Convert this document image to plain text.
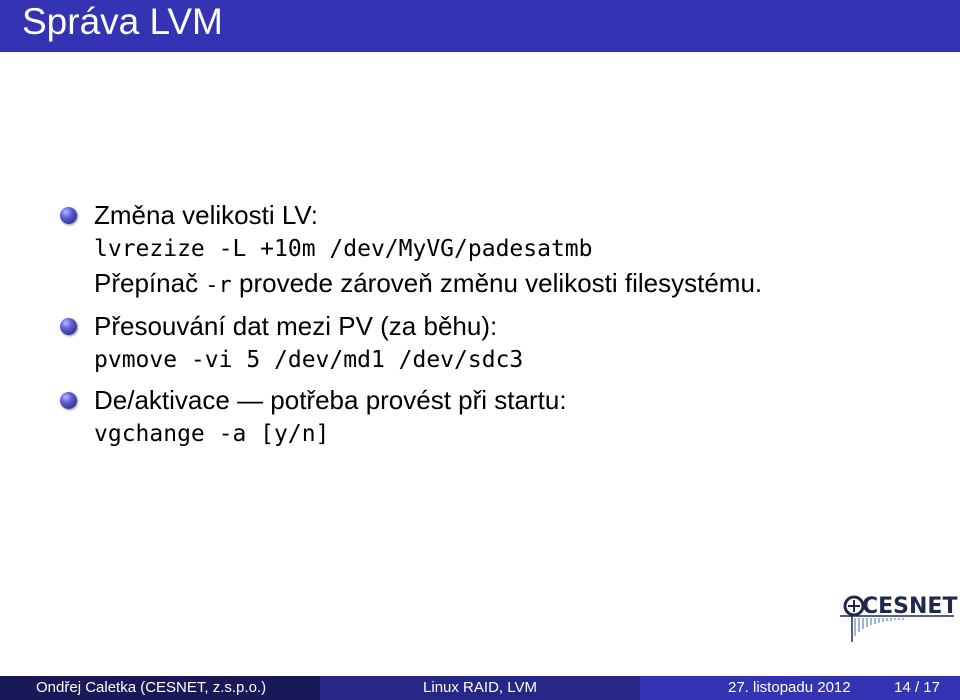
Správa LVM
Změna velikosti LV:
lvrezize -L +10m /dev/MyVG/padesatmb
Přepínač -r provede zároveň změnu velikosti filesystému.
Přesouvání dat mezi PV (za běhu):
pvmove -vi 5 /dev/md1 /dev/sdc3
De/aktivace — potřeba provést při startu:
vgchange -a [y/n]
CESNET
Ondřej Caletka (CESNET, z.s.p.o.)	Linux RAID, LVM	27. listopadu 2012	14 / 17
